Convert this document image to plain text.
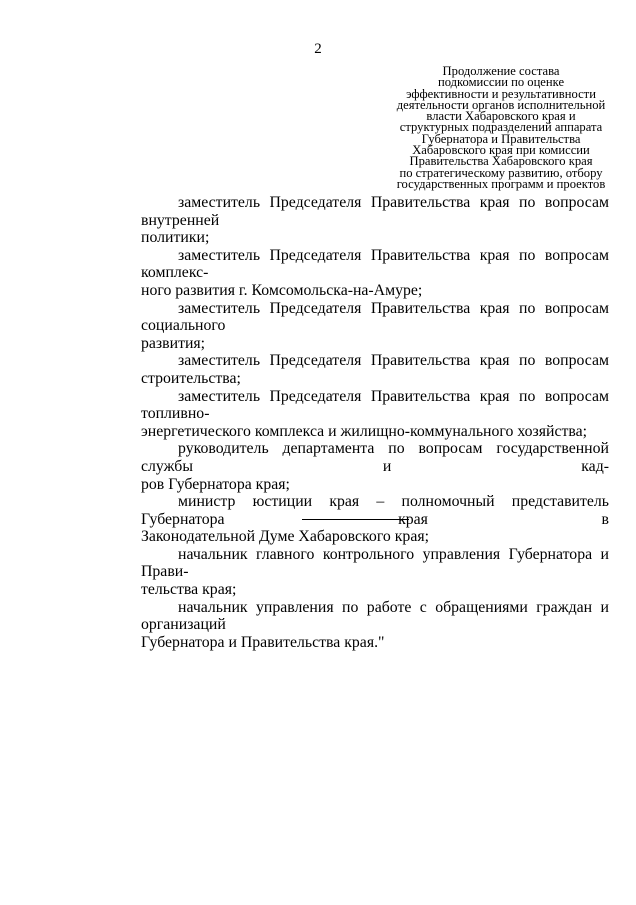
2
Продолжение состава
подкомиссии по оценке
эффективности и результативности
деятельности органов исполнительной
власти Хабаровского края и
структурных подразделений аппарата
Губернатора и Правительства
Хабаровского края при комиссии
Правительства Хабаровского края
по стратегическому развитию, отбору
государственных программ и проектов
заместитель Председателя Правительства края по вопросам внутренней
политики;
заместитель Председателя Правительства края по вопросам комплекс-
ного развития г. Комсомольска-на-Амуре;
заместитель Председателя Правительства края по вопросам социального
развития;
заместитель Председателя Правительства края по вопросам строительства;
заместитель Председателя Правительства края по вопросам топливно-
энергетического комплекса и жилищно-коммунального хозяйства;
руководитель департамента по вопросам государственной службы и кад-
ров Губернатора края;
министр юстиции края – полномочный представитель Губернатора края в
Законодательной Думе Хабаровского края;
начальник главного контрольного управления Губернатора и Прави-
тельства края;
начальник управления по работе с обращениями граждан и организаций
Губернатора и Правительства края."
